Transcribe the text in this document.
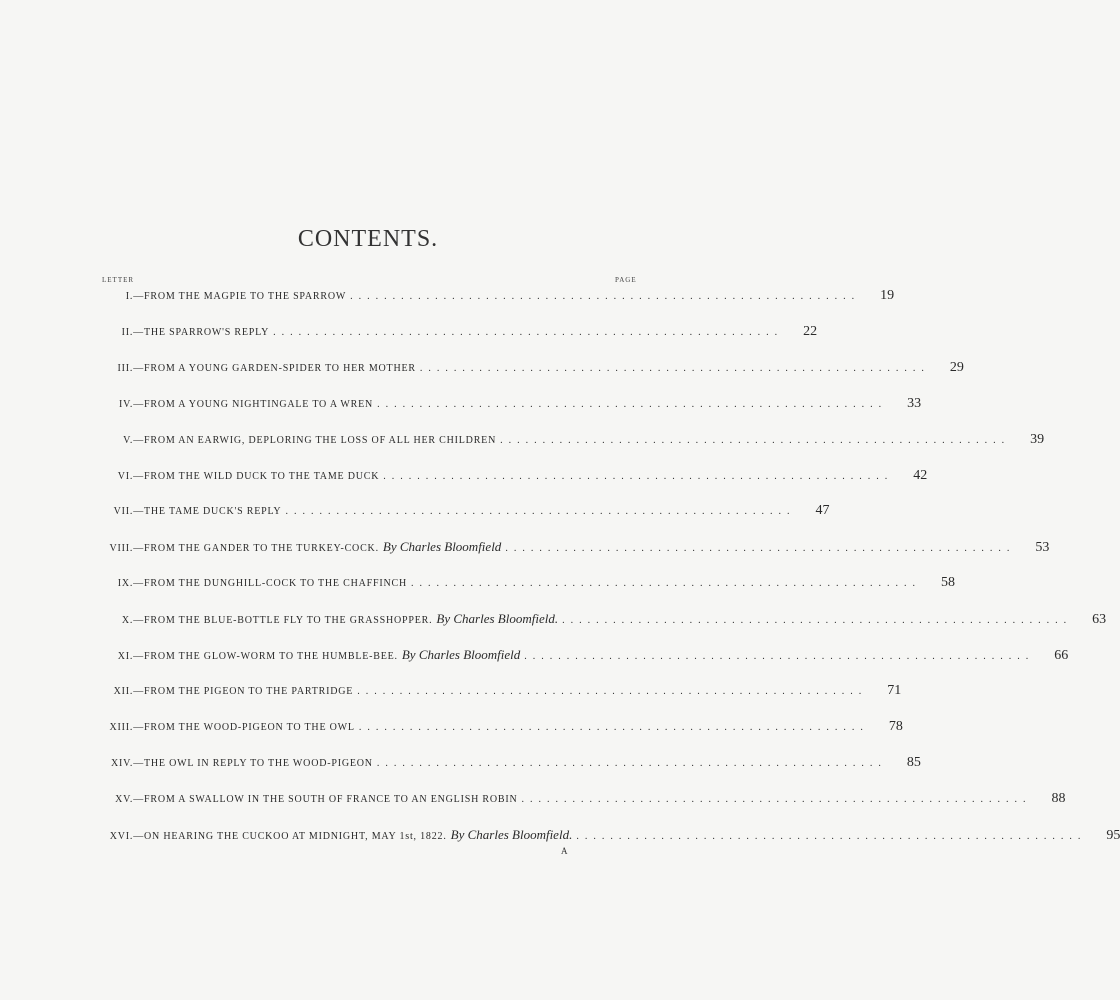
CONTENTS.
LETTER	PAGE
I.— FROM THE MAGPIE TO THE SPARROW ............................................................	19
II.— THE SPARROW'S REPLY ............................................................	22
III.— FROM A YOUNG GARDEN-SPIDER TO HER MOTHER ............................................................	29
IV.— FROM A YOUNG NIGHTINGALE TO A WREN ............................................................	33
V.— FROM AN EARWIG, DEPLORING THE LOSS OF ALL HER CHILDREN ............................................................	39
VI.— FROM THE WILD DUCK TO THE TAME DUCK ............................................................	42
VII.— THE TAME DUCK'S REPLY ............................................................	47
VIII.— FROM THE GANDER TO THE TURKEY-COCK. By Charles Bloomfield ............................................................	53
IX.— FROM THE DUNGHILL-COCK TO THE CHAFFINCH ............................................................	58
X.— FROM THE BLUE-BOTTLE FLY TO THE GRASSHOPPER. By Charles Bloomfield. ............................................................	63
XI.— FROM THE GLOW-WORM TO THE HUMBLE-BEE. By Charles Bloomfield ............................................................	66
XII.— FROM THE PIGEON TO THE PARTRIDGE ............................................................	71
XIII.— FROM THE WOOD-PIGEON TO THE OWL ............................................................	78
XIV.— THE OWL IN REPLY TO THE WOOD-PIGEON ............................................................	85
XV.— FROM A SWALLOW IN THE SOUTH OF FRANCE TO AN ENGLISH ROBIN ............................................................	88
XVI.— ON HEARING THE CUCKOO AT MIDNIGHT, MAY 1st, 1822. By Charles Bloomfield. ............................................................	95
A
